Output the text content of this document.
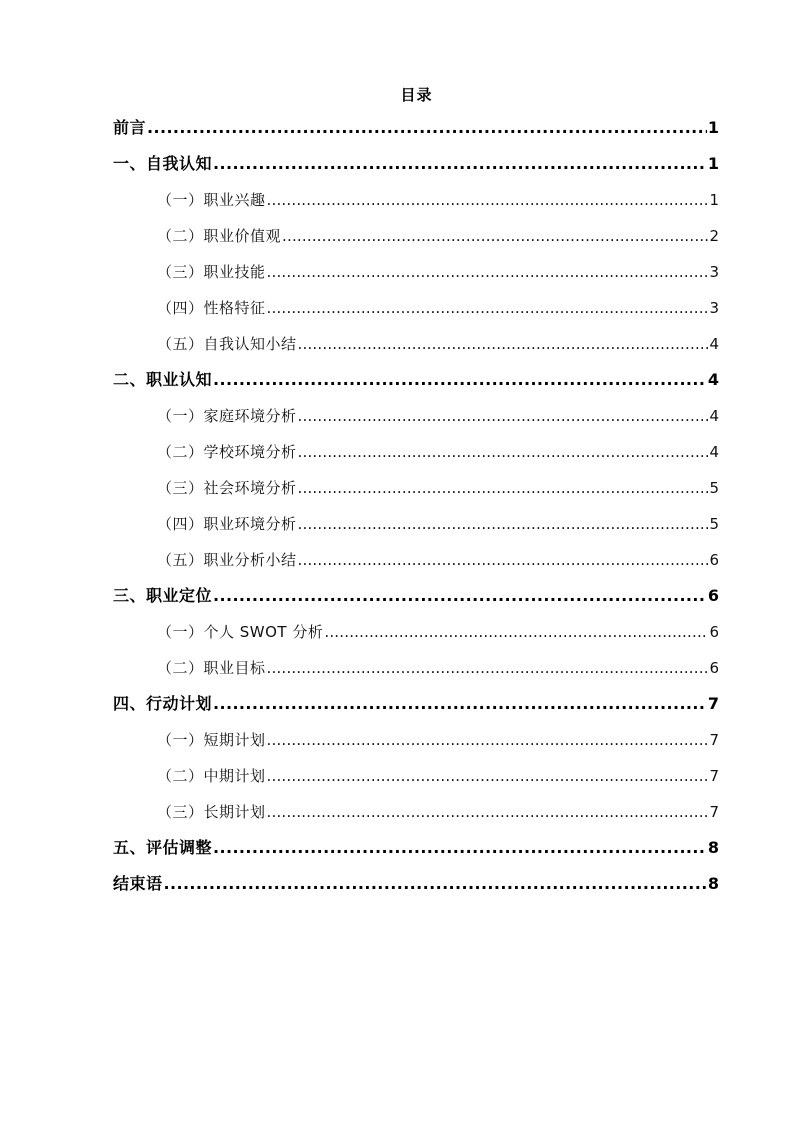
目录
前言 .....	1
一、自我认知 .....	1
（一）职业兴趣 .....	1
（二）职业价值观 .....	2
（三）职业技能 .....	3
（四）性格特征 .....	3
（五）自我认知小结 .....	4
二、职业认知 .....	4
（一）家庭环境分析 .....	4
（二）学校环境分析 .....	4
（三）社会环境分析 .....	5
（四）职业环境分析 .....	5
（五）职业分析小结 .....	6
三、职业定位 .....	6
（一）个人 SWOT 分析 .....	6
（二）职业目标 .....	6
四、行动计划 .....	7
（一）短期计划 .....	7
（二）中期计划 .....	7
（三）长期计划 .....	7
五、评估调整 .....	8
结束语 .....	8
